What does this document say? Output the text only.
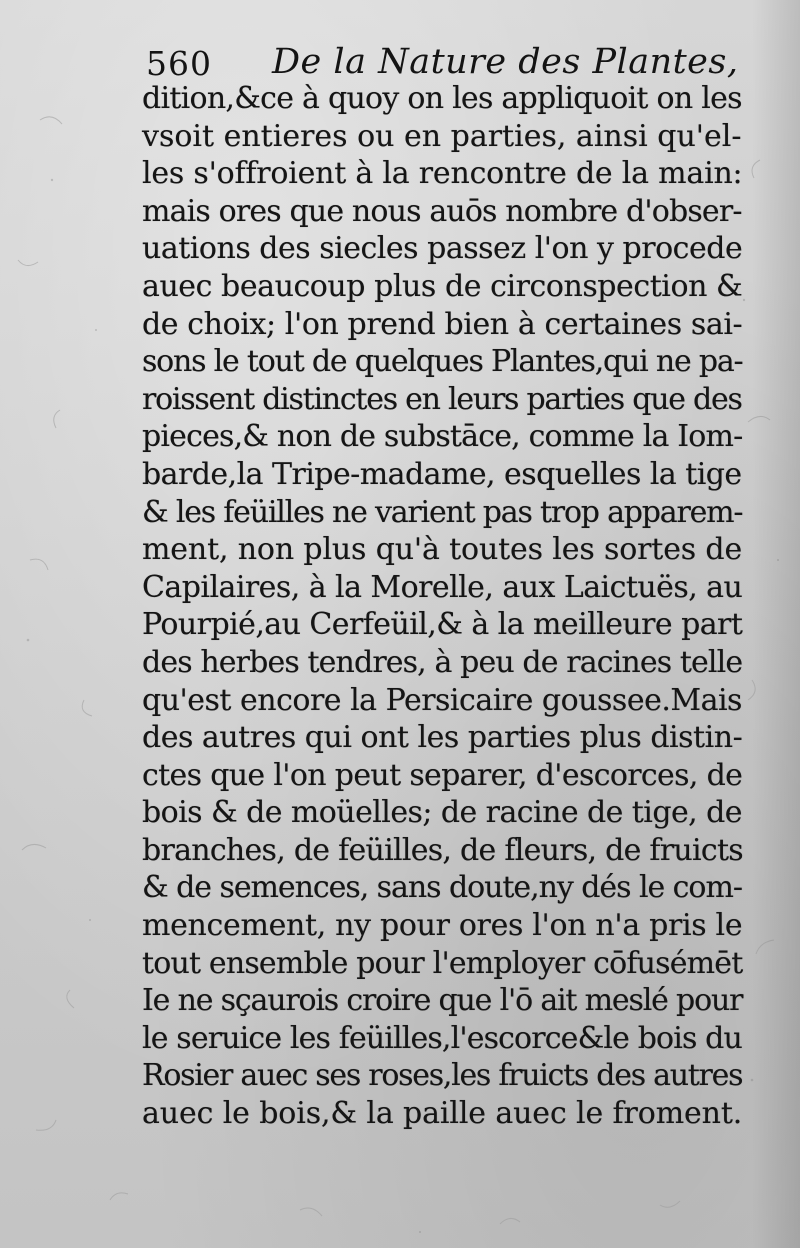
560 De la Nature des Plantes,
dition,&ce à quoy on les appliquoit on les
vsoit entieres ou en parties, ainsi qu'el-
les s'offroient à la rencontre de la main:
mais ores que nous auōs nombre d'obser-
uations des siecles passez l'on y procede
auec beaucoup plus de circonspection &
de choix; l'on prend bien à certaines sai-
sons le tout de quelques Plantes,qui ne pa-
roissent distinctes en leurs parties que des
pieces,& non de substāce, comme la Iom-
barde,la Tripe-madame, esquelles la tige
& les feüilles ne varient pas trop apparem-
ment, non plus qu'à toutes les sortes de
Capilaires, à la Morelle, aux Laictuës, au
Pourpié,au Cerfeüil,& à la meilleure part
des herbes tendres, à peu de racines telle
qu'est encore la Persicaire goussee.Mais
des autres qui ont les parties plus distin-
ctes que l'on peut separer, d'escorces, de
bois & de moüelles; de racine de tige, de
branches, de feüilles, de fleurs, de fruicts
& de semences, sans doute,ny dés le com-
mencement, ny pour ores l'on n'a pris le
tout ensemble pour l'employer cōfusémēt
Ie ne sçaurois croire que l'ō ait meslé pour
le seruice les feüilles,l'escorce&le bois du
Rosier auec ses roses,les fruicts des autres
auec le bois,& la paille auec le froment.
